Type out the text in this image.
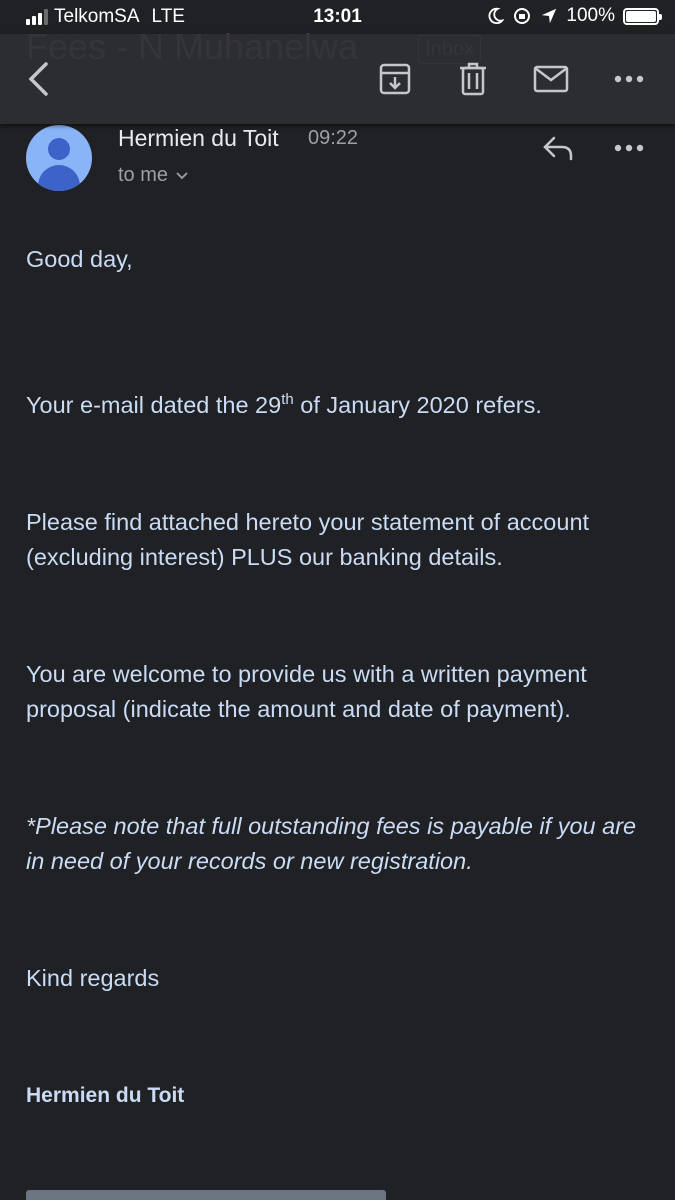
TelkomSA LTE	13:01	100%
Hermien du Toit 09:22
to me

Good day,

Your e-mail dated the 29th of January 2020 refers.

Please find attached hereto your statement of account (excluding interest) PLUS our banking details.

You are welcome to provide us with a written payment proposal (indicate the amount and date of payment).

*Please note that full outstanding fees is payable if you are in need of your records or new registration.

Kind regards

Hermien du Toit
